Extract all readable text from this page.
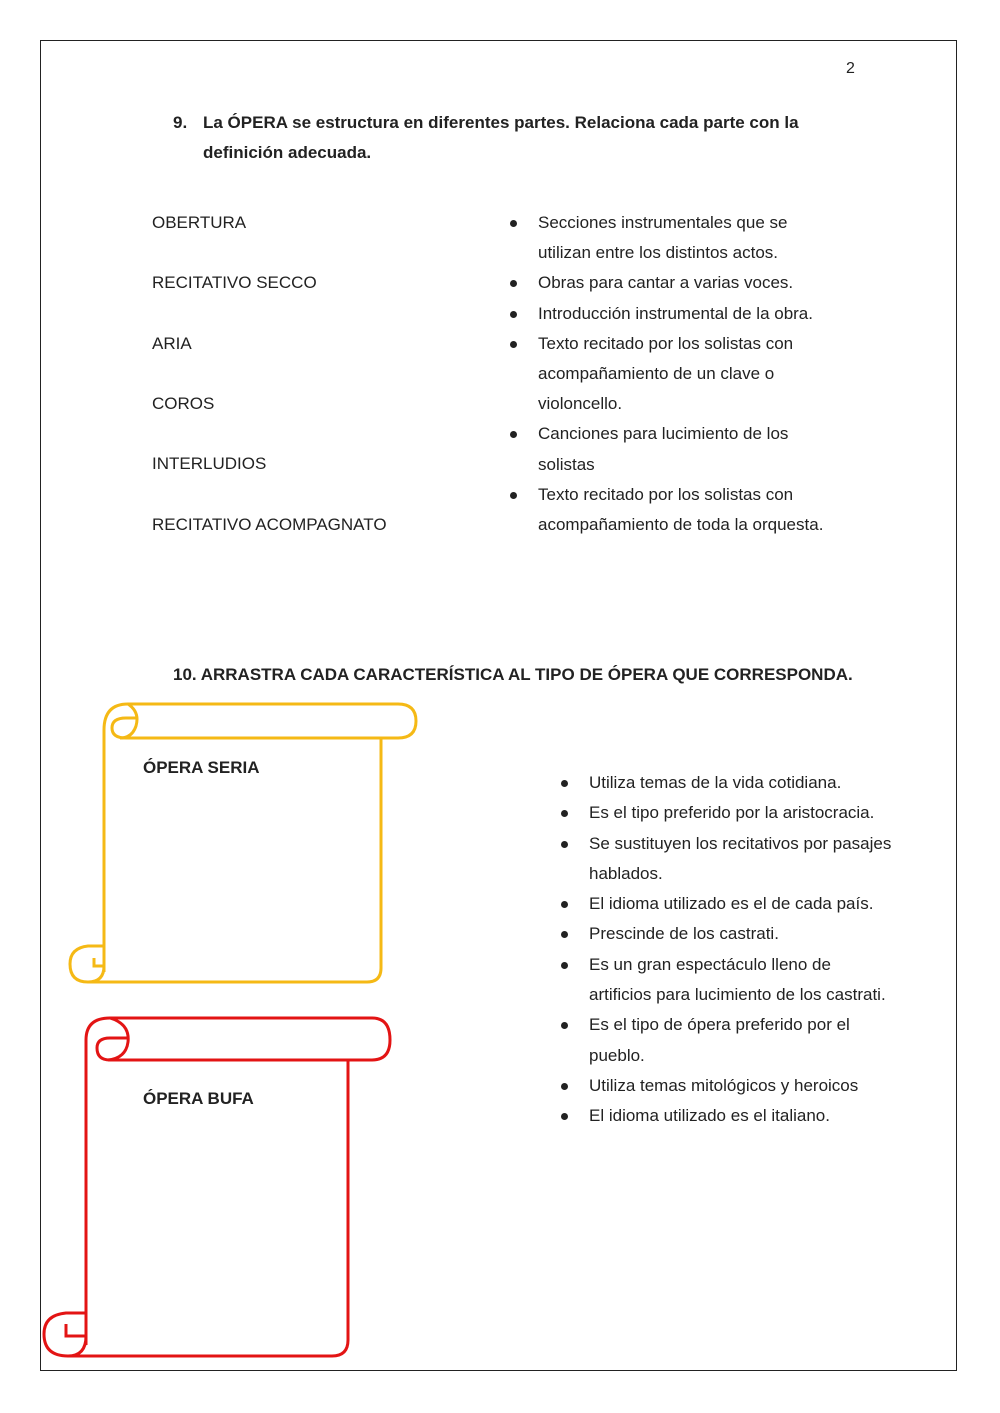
2
9. La ÓPERA se estructura en diferentes partes. Relaciona cada parte con la definición adecuada.
OBERTURA
RECITATIVO SECCO
ARIA
COROS
INTERLUDIOS
RECITATIVO ACOMPAGNATO
Secciones instrumentales que se utilizan entre los distintos actos.
Obras para cantar a varias voces.
Introducción instrumental de la obra.
Texto recitado por los solistas con acompañamiento de un clave o violoncello.
Canciones para lucimiento de los solistas
Texto recitado por los solistas con acompañamiento de toda la orquesta.
10. ARRASTRA CADA CARACTERÍSTICA AL TIPO DE ÓPERA QUE CORRESPONDA.
ÓPERA SERIA
ÓPERA BUFA
Utiliza temas de la vida cotidiana.
Es el tipo preferido por la aristocracia.
Se sustituyen los recitativos por pasajes hablados.
El idioma utilizado es el de cada país.
Prescinde de los castrati.
Es un gran espectáculo lleno de artificios para lucimiento de los castrati.
Es el tipo de ópera preferido por el pueblo.
Utiliza temas mitológicos y heroicos
El idioma utilizado es el italiano.
